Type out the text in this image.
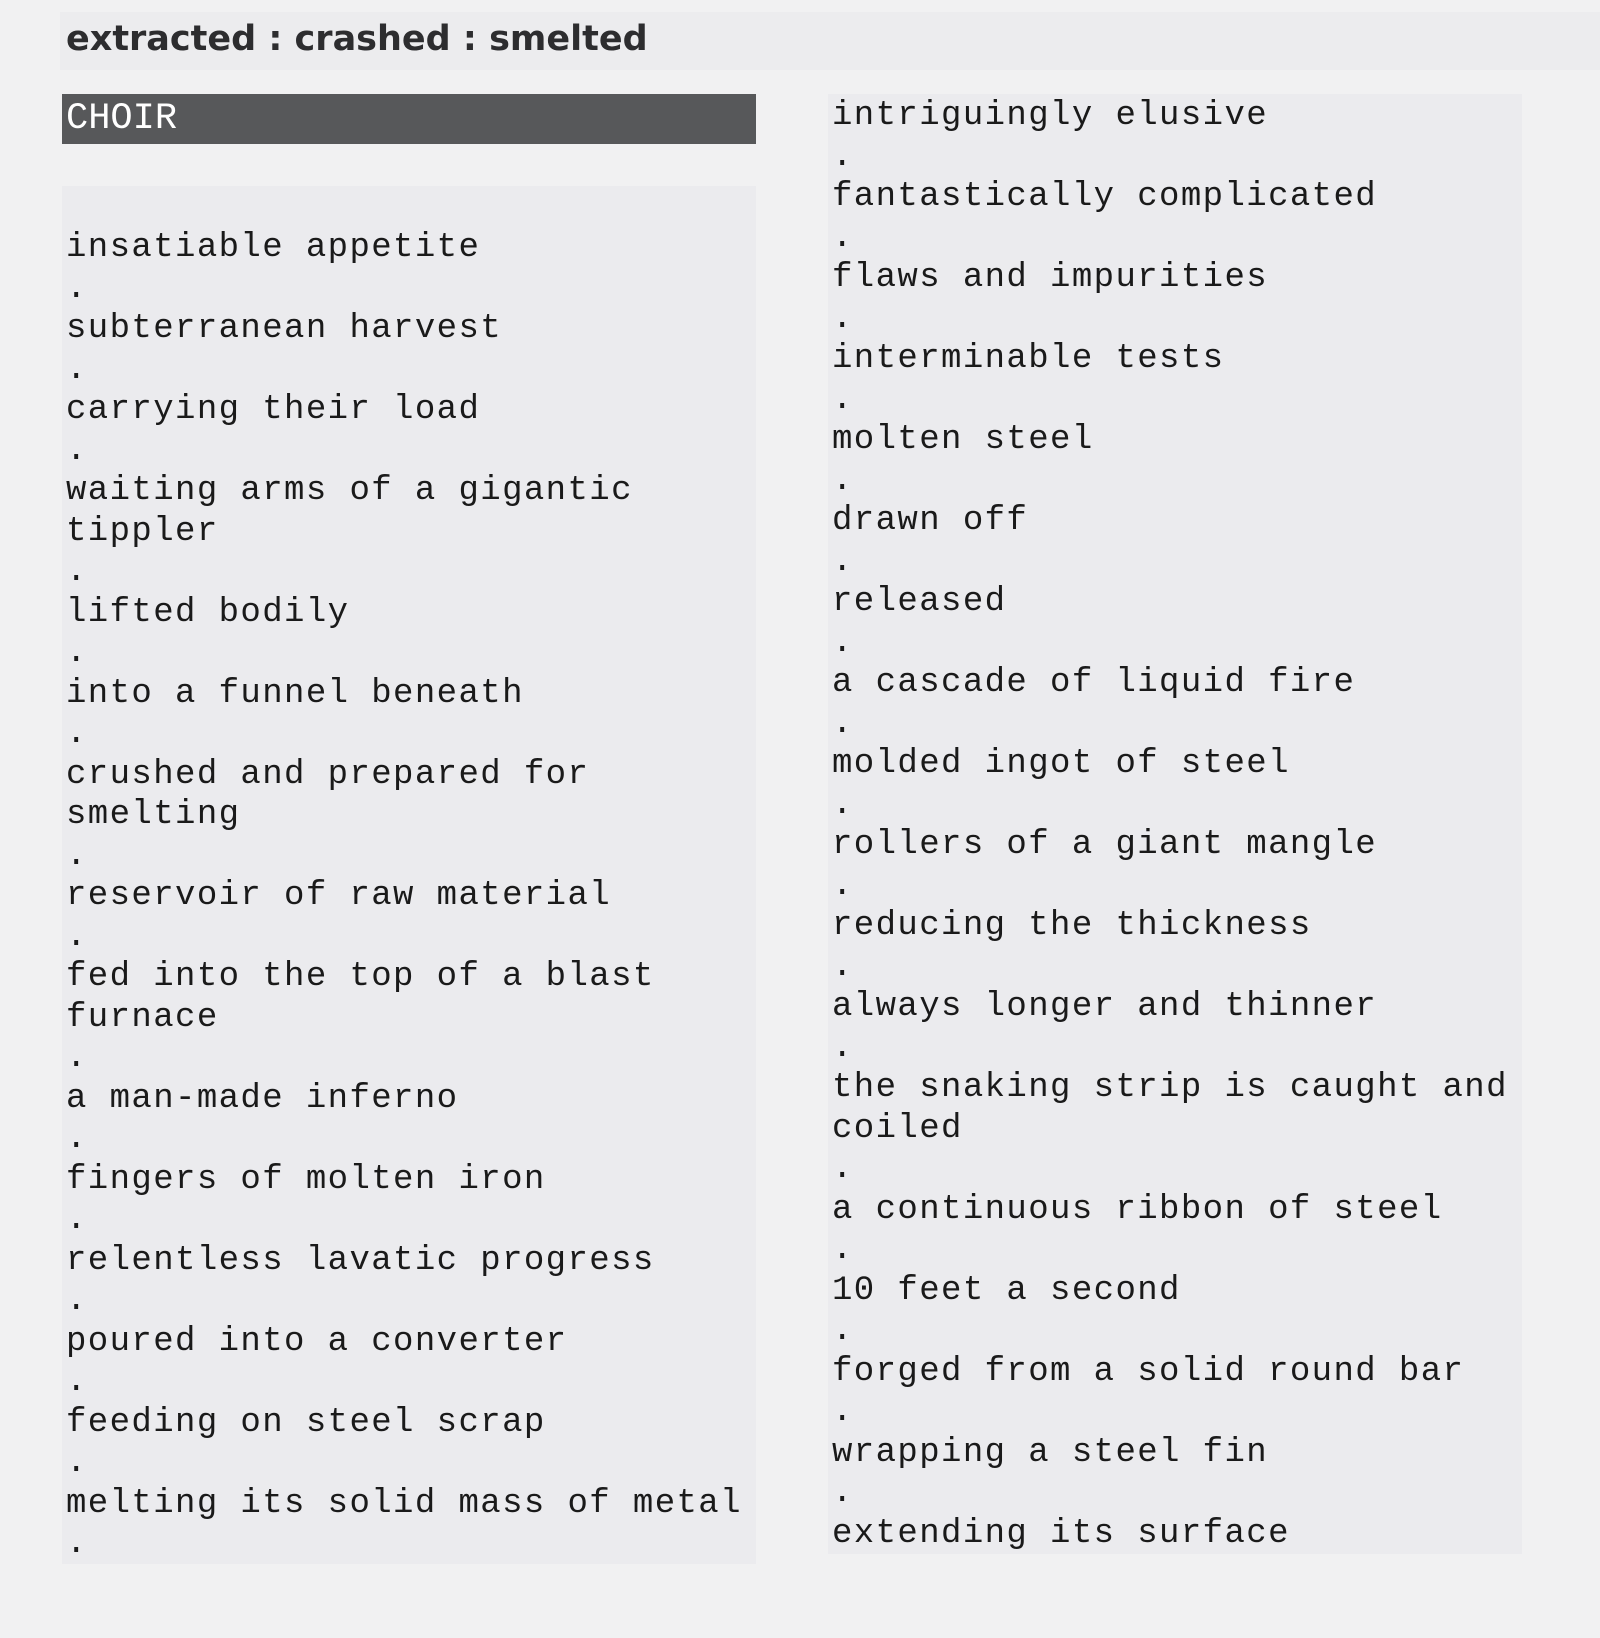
extracted : crashed : smelted
CHOIR
insatiable appetite
.
subterranean harvest
.
carrying their load
.
waiting arms of a gigantic tippler
.
lifted bodily
.
into a funnel beneath
.
crushed and prepared for smelting
.
reservoir of raw material
.
fed into the top of a blast furnace
.
a man-made inferno
.
fingers of molten iron
.
relentless lavatic progress
.
poured into a converter
.
feeding on steel scrap
.
melting its solid mass of metal
.
intriguingly elusive
.
fantastically complicated
.
flaws and impurities
.
interminable tests
.
molten steel
.
drawn off
.
released
.
a cascade of liquid fire
.
molded ingot of steel
.
rollers of a giant mangle
.
reducing the thickness
.
always longer and thinner
.
the snaking strip is caught and coiled
.
a continuous ribbon of steel
.
10 feet a second
.
forged from a solid round bar
.
wrapping a steel fin
.
extending its surface
